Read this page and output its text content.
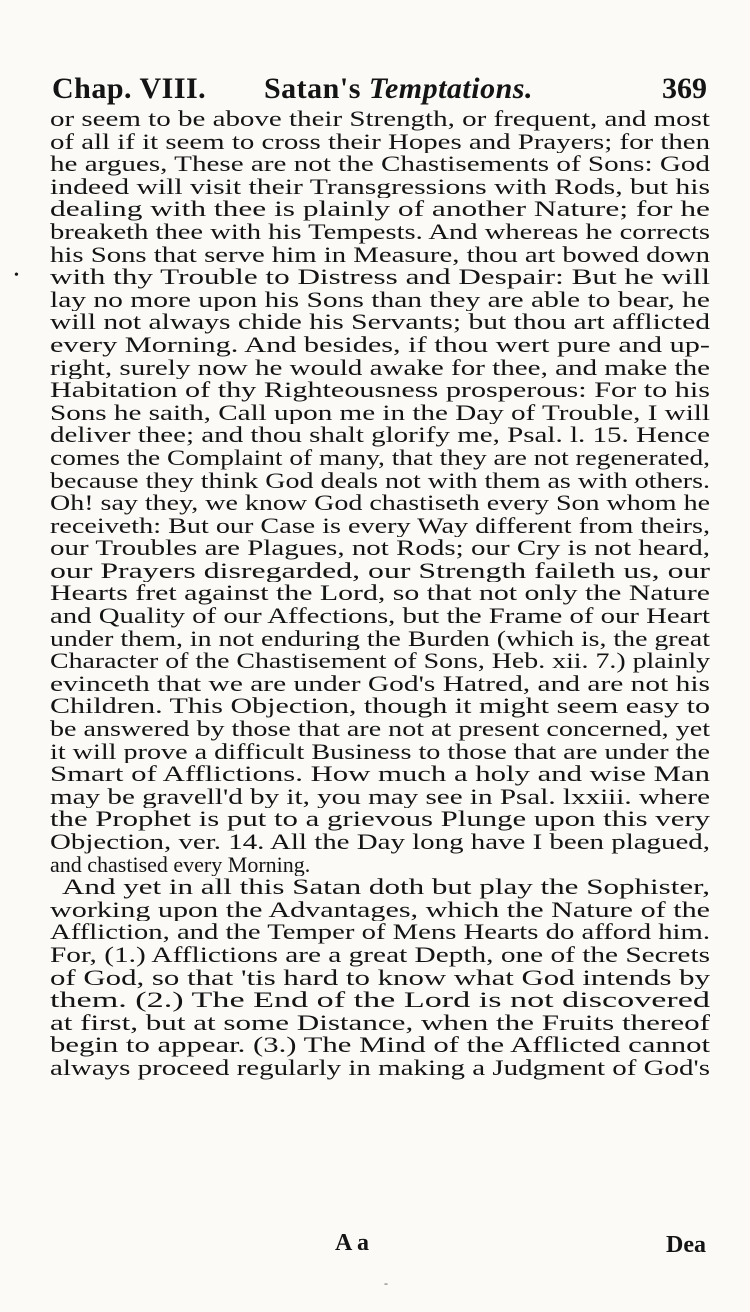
Chap. VIII. Satan's Temptations.	369
•
or seem to be above their Strength, or frequent, and most
of all if it seem to cross their Hopes and Prayers; for then
he argues, These are not the Chastisements of Sons: God
indeed will visit their Transgressions with Rods, but his
dealing with thee is plainly of another Nature; for he
breaketh thee with his Tempests. And whereas he corrects
his Sons that serve him in Measure, thou art bowed down
with thy Trouble to Distress and Despair: But he will
lay no more upon his Sons than they are able to bear, he
will not always chide his Servants; but thou art afflicted
every Morning. And besides, if thou wert pure and up-
right, surely now he would awake for thee, and make the
Habitation of thy Righteousness prosperous: For to his
Sons he saith, Call upon me in the Day of Trouble, I will
deliver thee; and thou shalt glorify me, Psal. l. 15. Hence
comes the Complaint of many, that they are not regenerated,
because they think God deals not with them as with others.
Oh! say they, we know God chastiseth every Son whom he
receiveth: But our Case is every Way different from theirs,
our Troubles are Plagues, not Rods; our Cry is not heard,
our Prayers disregarded, our Strength faileth us, our
Hearts fret against the Lord, so that not only the Nature
and Quality of our Affections, but the Frame of our Heart
under them, in not enduring the Burden (which is, the great
Character of the Chastisement of Sons, Heb. xii. 7.) plainly
evinceth that we are under God's Hatred, and are not his
Children. This Objection, though it might seem easy to
be answered by those that are not at present concerned, yet
it will prove a difficult Business to those that are under the
Smart of Afflictions. How much a holy and wise Man
may be gravell'd by it, you may see in Psal. lxxiii. where
the Prophet is put to a grievous Plunge upon this very
Objection, ver. 14. All the Day long have I been plagued,
and chastised every Morning.
And yet in all this Satan doth but play the Sophister,
working upon the Advantages, which the Nature of the
Affliction, and the Temper of Mens Hearts do afford him.
For, (1.) Afflictions are a great Depth, one of the Secrets
of God, so that 'tis hard to know what God intends by
them. (2.) The End of the Lord is not discovered
at first, but at some Distance, when the Fruits thereof
begin to appear. (3.) The Mind of the Afflicted cannot
always proceed regularly in making a Judgment of God's
A a	Dea
-
